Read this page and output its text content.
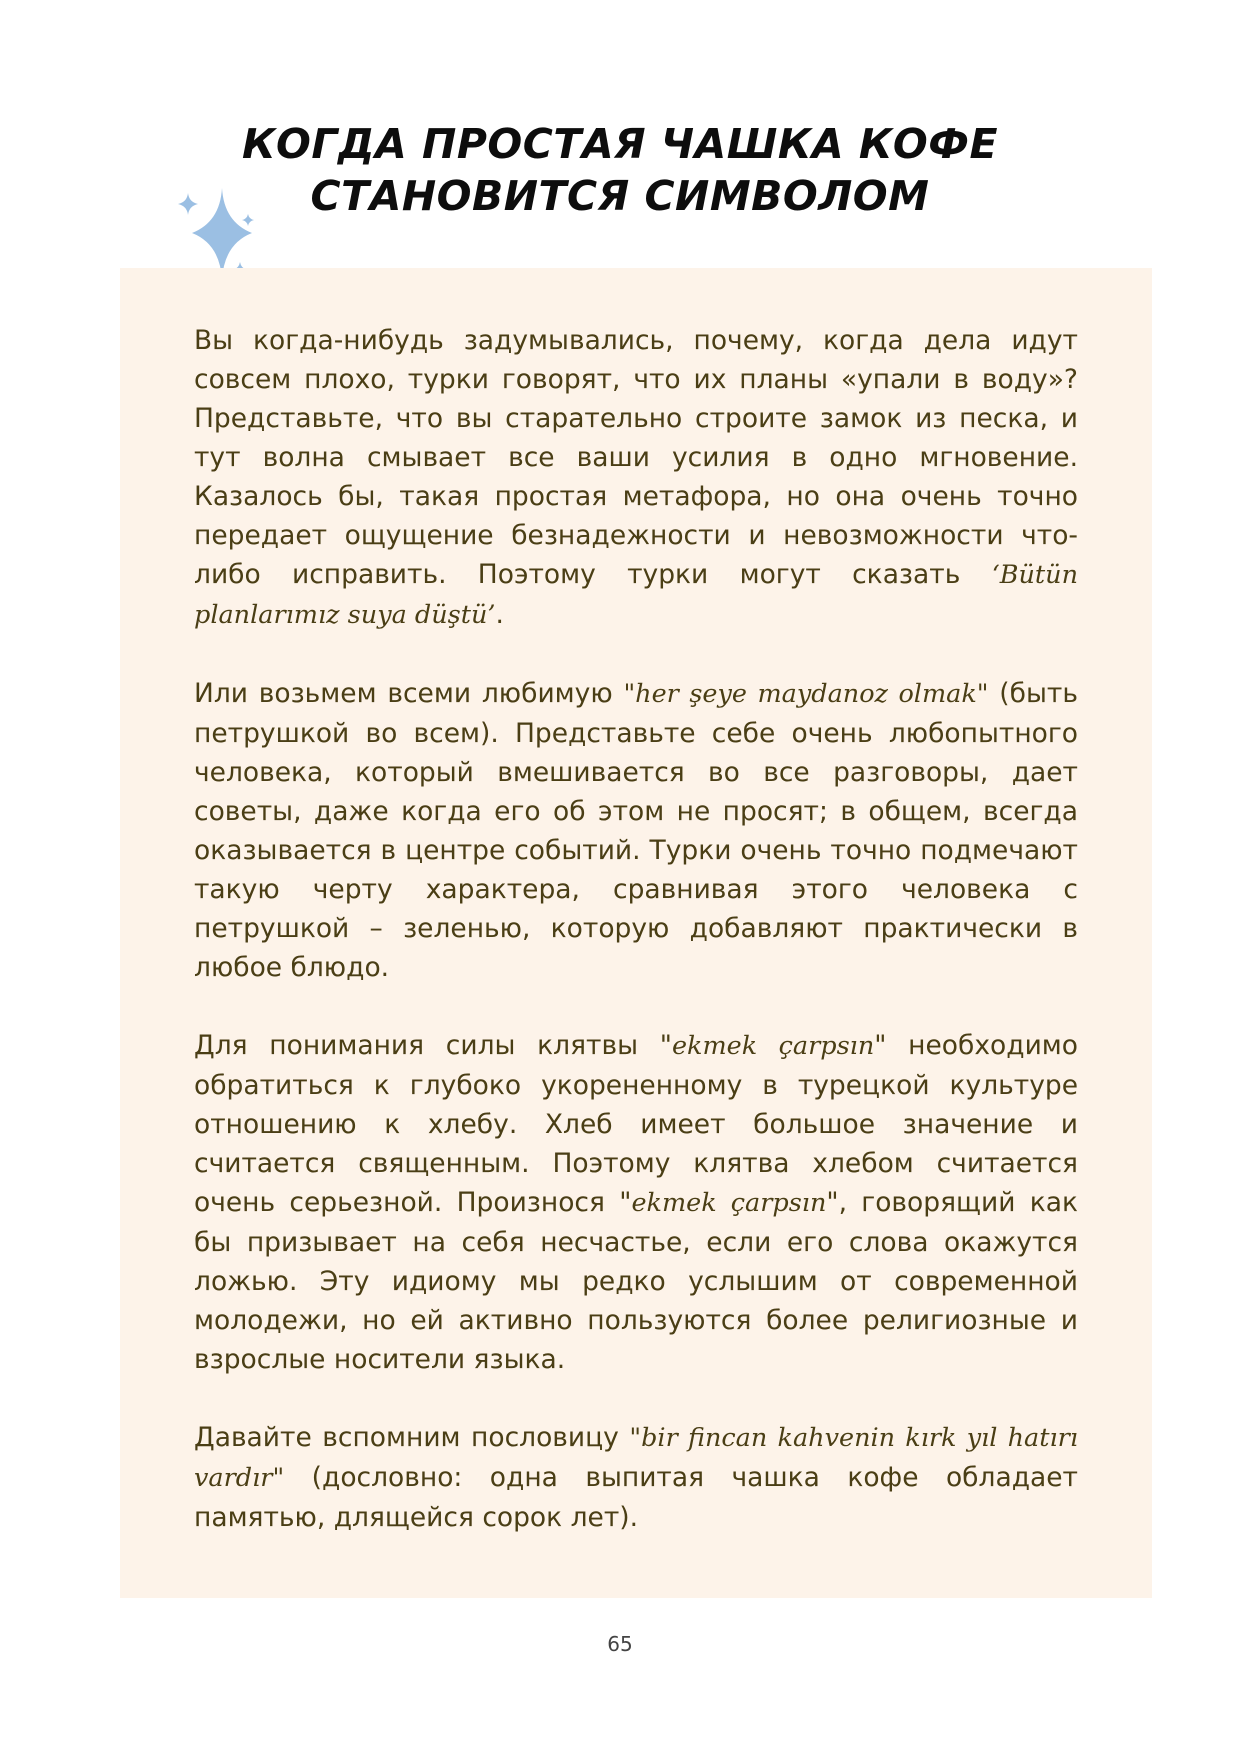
КОГДА ПРОСТАЯ ЧАШКА КОФЕ
СТАНОВИТСЯ СИМВОЛОМ

Вы когда-нибудь задумывались, почему, когда дела идут совсем плохо, турки говорят, что их планы «упали в воду»? Представьте, что вы старательно строите замок из песка, и тут волна смывает все ваши усилия в одно мгновение. Казалось бы, такая простая метафора, но она очень точно передает ощущение безнадежности и невозможности что-либо исправить. Поэтому турки могут сказать ‘Bütün planlarımız suya düştü’.

Или возьмем всеми любимую "her şeye maydanoz olmak" (быть петрушкой во всем). Представьте себе очень любопытного человека, который вмешивается во все разговоры, дает советы, даже когда его об этом не просят; в общем, всегда оказывается в центре событий. Турки очень точно подмечают такую черту характера, сравнивая этого человека с петрушкой – зеленью, которую добавляют практически в любое блюдо.

Для понимания силы клятвы "ekmek çarpsın" необходимо обратиться к глубоко укорененному в турецкой культуре отношению к хлебу. Хлеб имеет большое значение и считается священным. Поэтому клятва хлебом считается очень серьезной. Произнося "ekmek çarpsın", говорящий как бы призывает на себя несчастье, если его слова окажутся ложью. Эту идиому мы редко услышим от современной молодежи, но ей активно пользуются более религиозные и взрослые носители языка.

Давайте вспомним пословицу "bir fincan kahvenin kırk yıl hatırı vardır" (дословно: одна выпитая чашка кофе обладает памятью, длящейся сорок лет).

65
